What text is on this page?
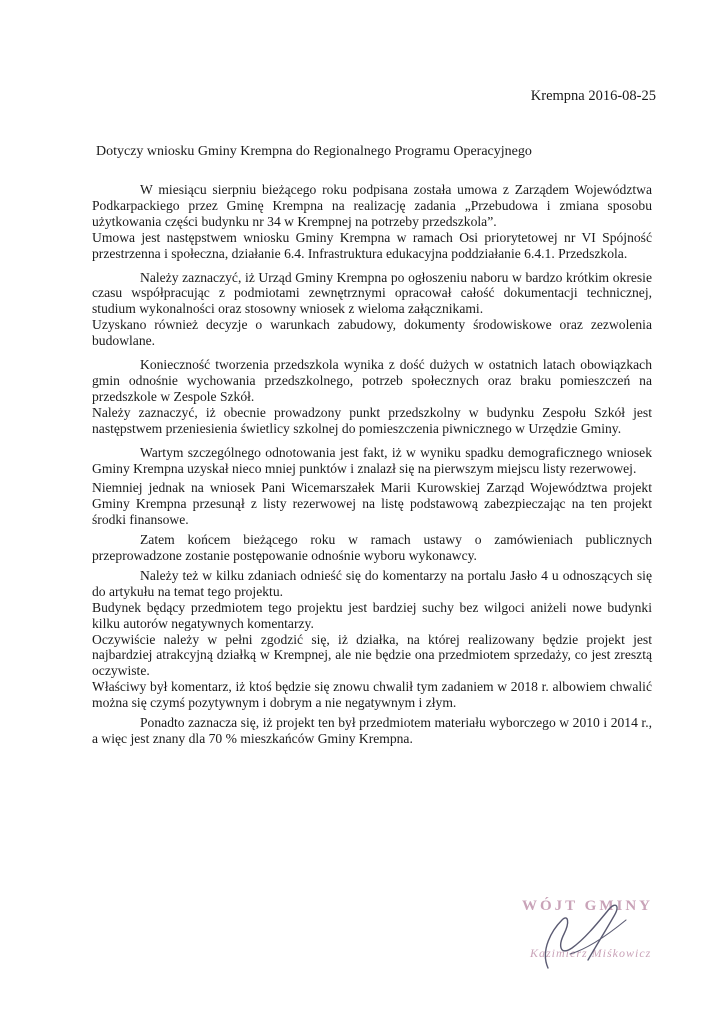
Krempna 2016-08-25
Dotyczy wniosku Gminy Krempna do Regionalnego Programu Operacyjnego

W miesiącu sierpniu bieżącego roku podpisana została umowa z Zarządem Województwa Podkarpackiego przez Gminę Krempna na realizację zadania „Przebudowa i zmiana sposobu użytkowania części budynku nr 34 w Krempnej na potrzeby przedszkola”.

Umowa jest następstwem wniosku Gminy Krempna w ramach Osi priorytetowej nr VI Spójność przestrzenna i społeczna, działanie 6.4. Infrastruktura edukacyjna poddziałanie 6.4.1. Przedszkola.

Należy zaznaczyć, iż Urząd Gminy Krempna po ogłoszeniu naboru w bardzo krótkim okresie czasu współpracując z podmiotami zewnętrznymi opracował całość dokumentacji technicznej, studium wykonalności oraz stosowny wniosek z wieloma załącznikami.

Uzyskano również decyzje o warunkach zabudowy, dokumenty środowiskowe oraz zezwolenia budowlane.

Konieczność tworzenia przedszkola wynika z dość dużych w ostatnich latach obowiązkach gmin odnośnie wychowania przedszkolnego, potrzeb społecznych oraz braku pomieszczeń na przedszkole w Zespole Szkół.

Należy zaznaczyć, iż obecnie prowadzony punkt przedszkolny w budynku Zespołu Szkół jest następstwem przeniesienia świetlicy szkolnej do pomieszczenia piwnicznego w Urzędzie Gminy.

Wartym szczególnego odnotowania jest fakt, iż w wyniku spadku demograficznego wniosek Gminy Krempna uzyskał nieco mniej punktów i znalazł się na pierwszym miejscu listy rezerwowej.

Niemniej jednak na wniosek Pani Wicemarszałek Marii Kurowskiej Zarząd Województwa projekt Gminy Krempna przesunął z listy rezerwowej na listę podstawową zabezpieczając na ten projekt środki finansowe.

Zatem końcem bieżącego roku w ramach ustawy o zamówieniach publicznych przeprowadzone zostanie postępowanie odnośnie wyboru wykonawcy.

Należy też w kilku zdaniach odnieść się do komentarzy na portalu Jasło 4 u odnoszących się do artykułu na temat tego projektu.

Budynek będący przedmiotem tego projektu jest bardziej suchy bez wilgoci aniżeli nowe budynki kilku autorów negatywnych komentarzy.

Oczywiście należy w pełni zgodzić się, iż działka, na której realizowany będzie projekt jest najbardziej atrakcyjną działką w Krempnej, ale nie będzie ona przedmiotem sprzedaży, co jest zresztą oczywiste.

Właściwy był komentarz, iż ktoś będzie się znowu chwalił tym zadaniem w 2018 r. albowiem chwalić można się czymś pozytywnym i dobrym a nie negatywnym i złym.

Ponadto zaznacza się, iż projekt ten był przedmiotem materiału wyborczego w 2010 i 2014 r., a więc jest znany dla 70 % mieszkańców Gminy Krempna.

WÓJT GMINY
Kazimierz Miśkowicz
